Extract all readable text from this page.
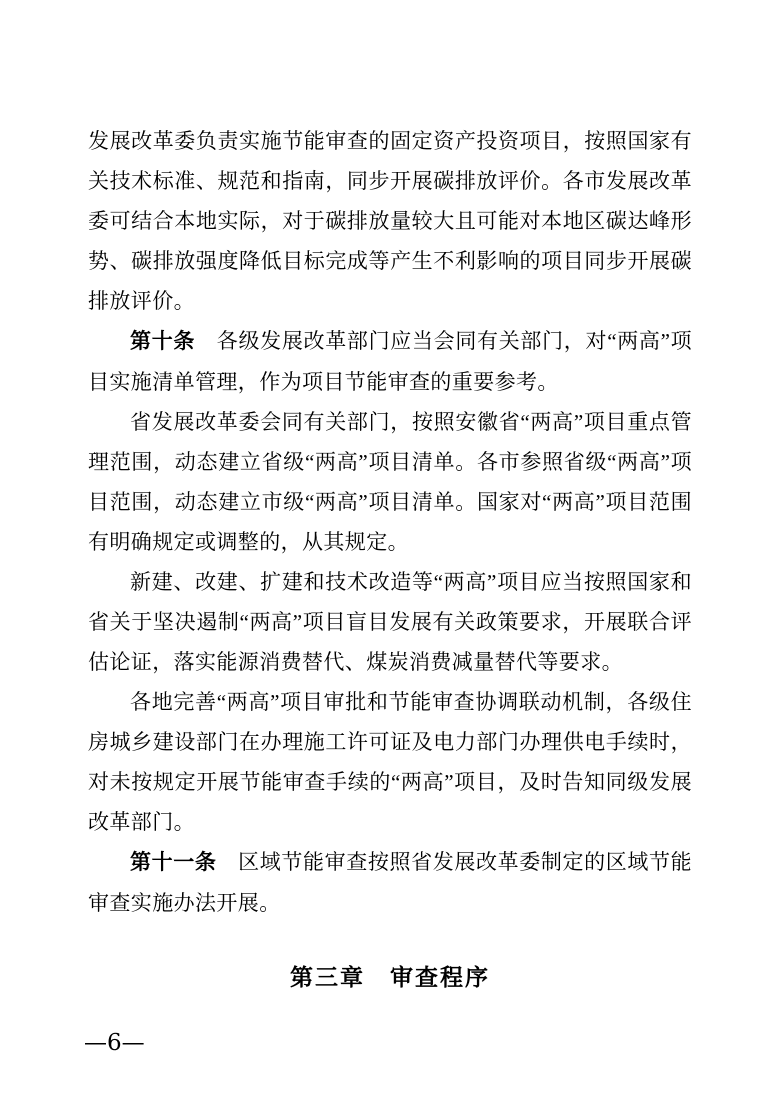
发展改革委负责实施节能审查的固定资产投资项目，按照国家有关技术标准、规范和指南，同步开展碳排放评价。各市发展改革委可结合本地实际，对于碳排放量较大且可能对本地区碳达峰形势、碳排放强度降低目标完成等产生不利影响的项目同步开展碳排放评价。

第十条　各级发展改革部门应当会同有关部门，对“两高”项目实施清单管理，作为项目节能审查的重要参考。

省发展改革委会同有关部门，按照安徽省“两高”项目重点管理范围，动态建立省级“两高”项目清单。各市参照省级“两高”项目范围，动态建立市级“两高”项目清单。国家对“两高”项目范围有明确规定或调整的，从其规定。

新建、改建、扩建和技术改造等“两高”项目应当按照国家和省关于坚决遏制“两高”项目盲目发展有关政策要求，开展联合评估论证，落实能源消费替代、煤炭消费减量替代等要求。

各地完善“两高”项目审批和节能审查协调联动机制，各级住房城乡建设部门在办理施工许可证及电力部门办理供电手续时，对未按规定开展节能审查手续的“两高”项目，及时告知同级发展改革部门。

第十一条　区域节能审查按照省发展改革委制定的区域节能审查实施办法开展。

第三章　审查程序
—6—
